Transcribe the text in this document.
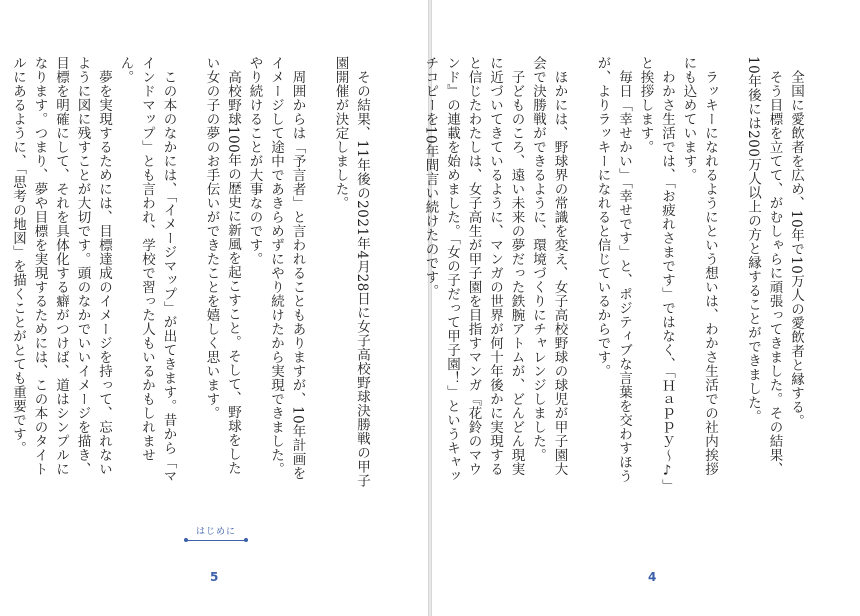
その結果、11年後の2021年4月28日に女子高校野球決勝戦の甲子園開催が決定しました。
周囲からは「予言者」と言われることもありますが、10年計画をイメージして途中であきらめずにやり続けたから実現できました。やり続けることが大事なのです。
高校野球100年の歴史に新風を起こすこと。そして、野球をしたい女の子の夢のお手伝いができたことを嬉しく思います。
この本のなかには、「イメージマップ」が出てきます。昔から「マインドマップ」とも言われ、学校で習った人もいるかもしれません。
夢を実現するためには、目標達成のイメージを持って、忘れないように図に残すことが大切です。頭のなかでいいイメージを描き、目標を明確にして、それを具体化する癖がつけば、道はシンプルになります。つまり、夢や目標を実現するためには、この本のタイトルにあるように、「思考の地図」を描くことがとても重要です。
はじめに
5
全国に愛飲者を広め、10年で10万人の愛飲者と縁する。
そう目標を立てて、がむしゃらに頑張ってきました。その結果、10年後には200万人以上の方と縁することができました。
ラッキーになれるようにという想いは、わかさ生活での社内挨拶にも込めています。
わかさ生活では、「お疲れさまです」ではなく、「Ｈａｐｐｙ～♪」と挨拶します。
毎日「幸せかい」「幸せです」と、ポジティブな言葉を交わすほうが、よりラッキーになれると信じているからです。
ほかには、野球界の常識を変え、女子高校野球の球児が甲子園大会で決勝戦ができるように、環境づくりにチャレンジしました。
子どものころ、遠い未来の夢だった鉄腕アトムが、どんどん現実に近づいてきているように、マンガの世界が何十年後かに実現すると信じたわたしは、女子高生が甲子園を目指すマンガ『花鈴のマウンド』の連載を始めました。「女の子だって甲子園！」というキャッチコピーを10年間言い続けたのです。
4
